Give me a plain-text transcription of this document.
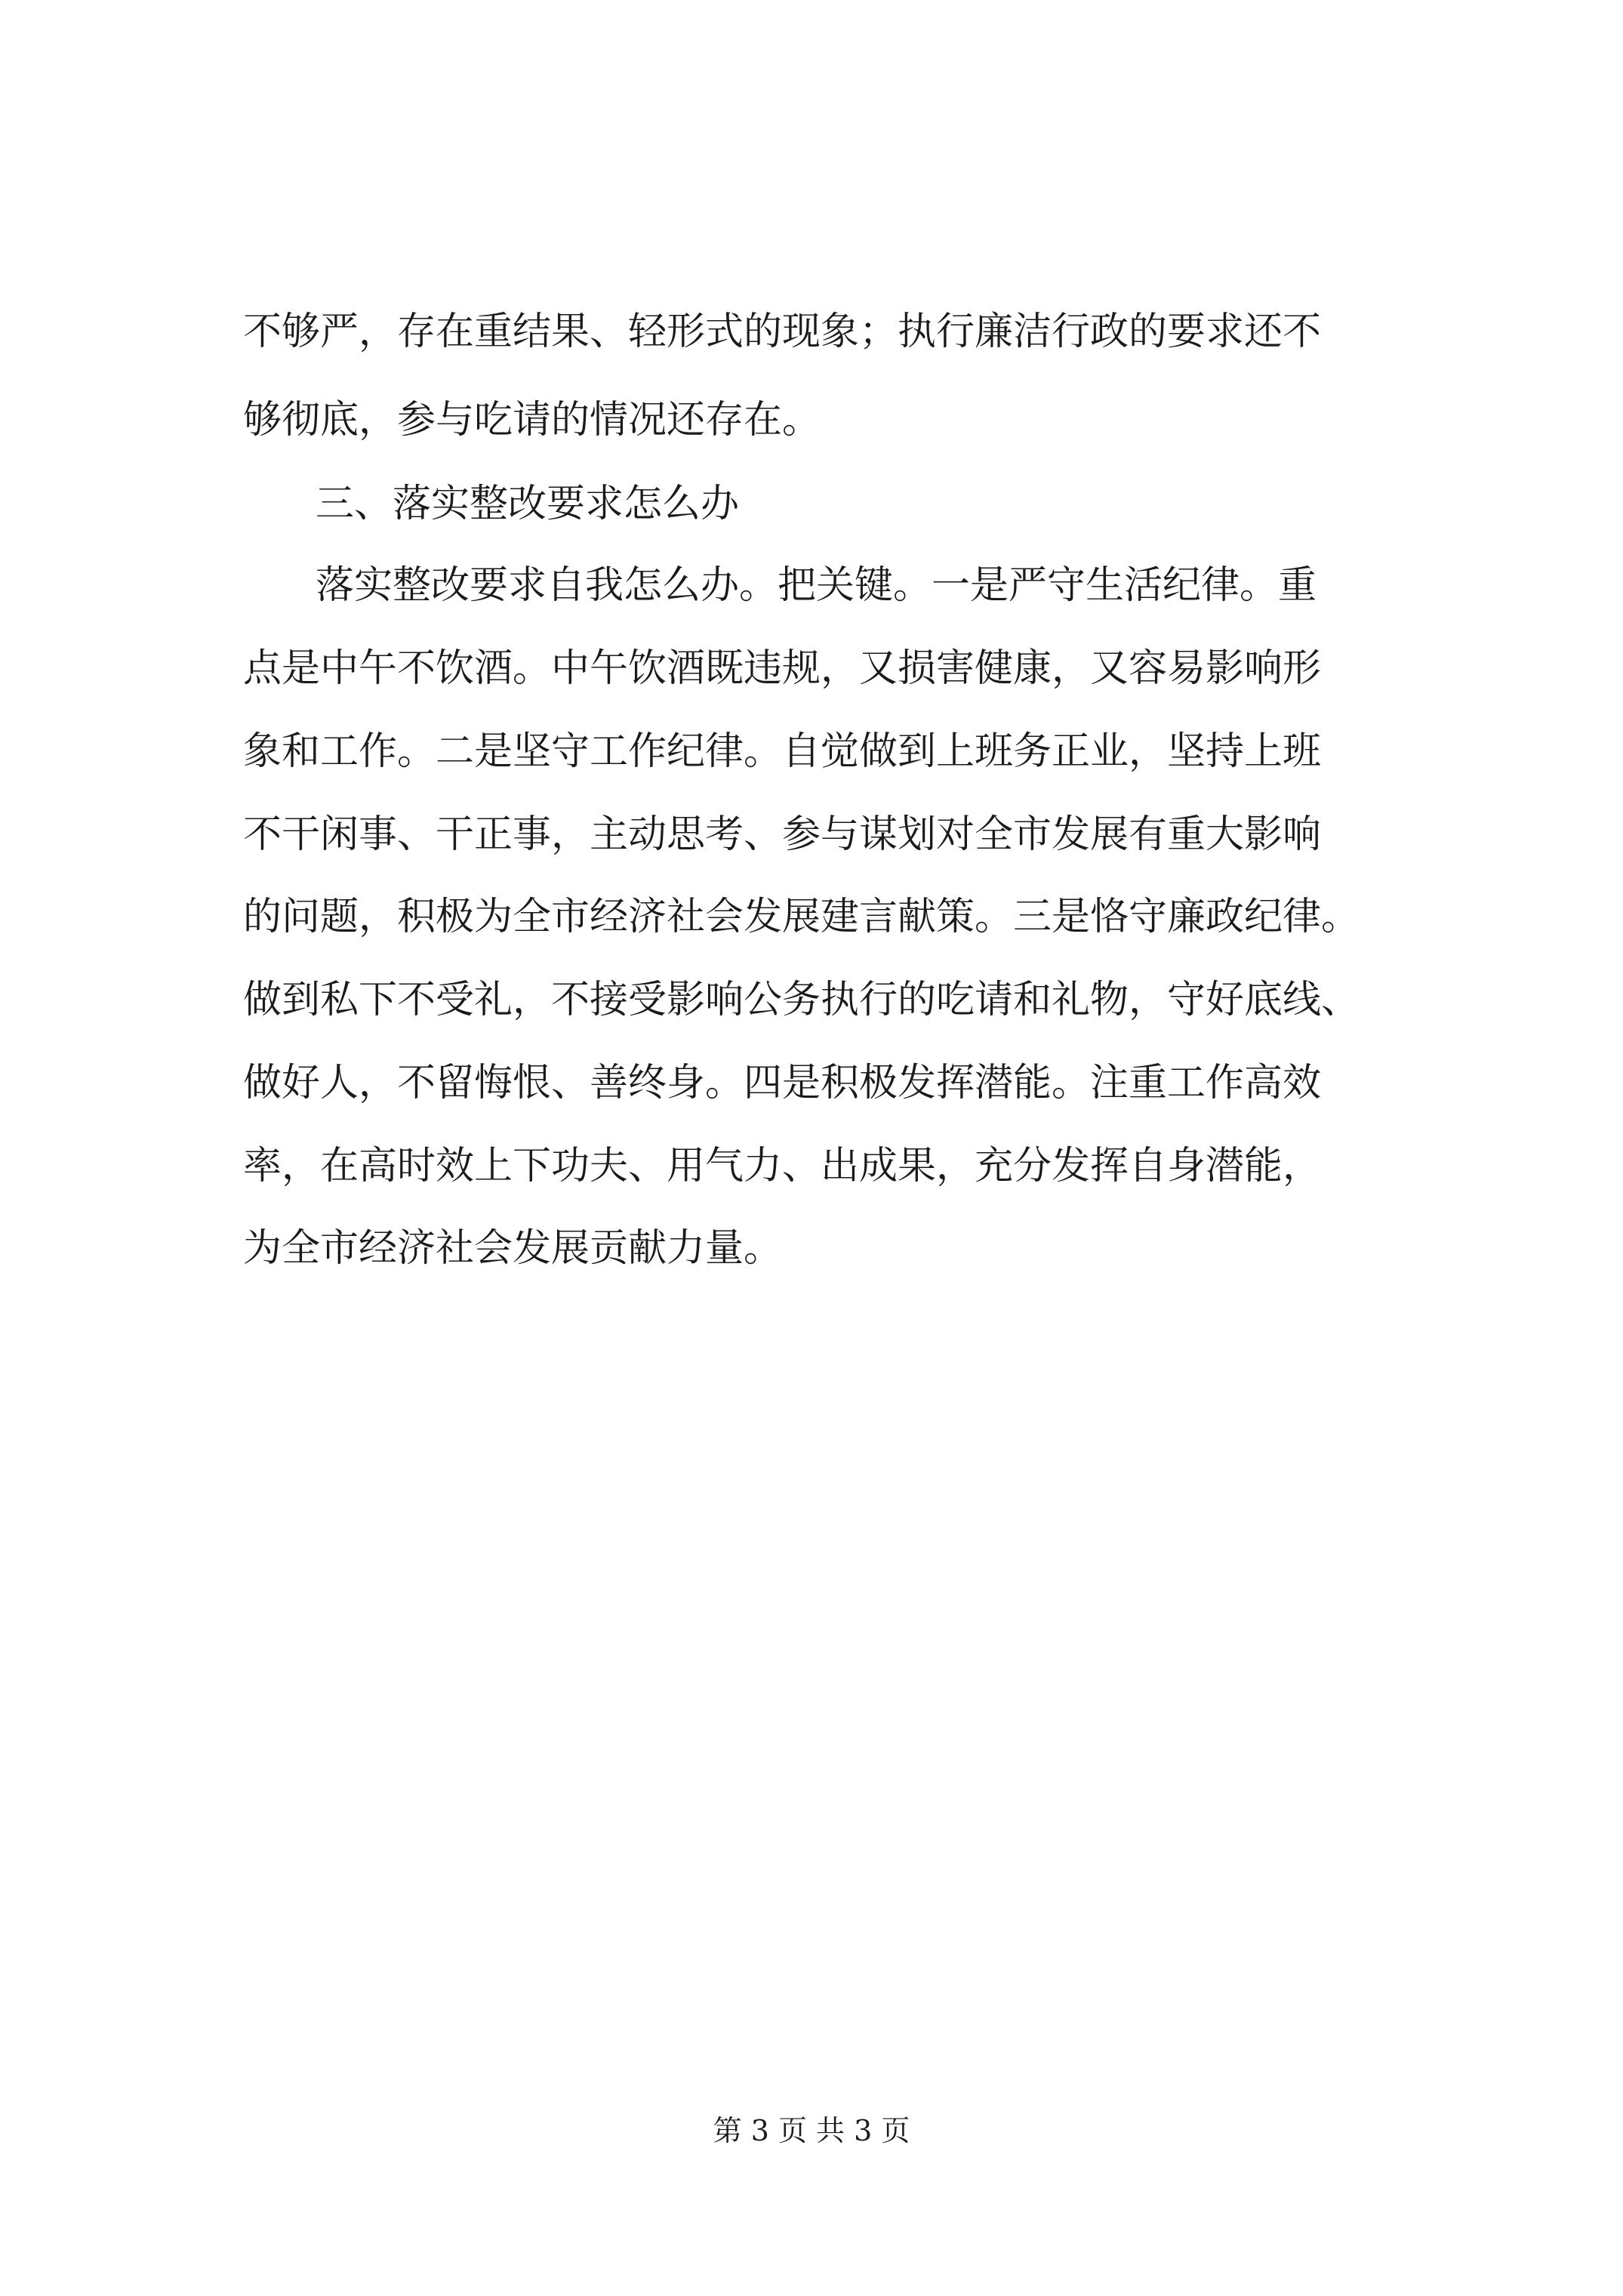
不够严，存在重结果、轻形式的现象；执行廉洁行政的要求还不
够彻底，参与吃请的情况还存在。
三、落实整改要求怎么办
落实整改要求自我怎么办。把关键。一是严守生活纪律。重
点是中午不饮酒。中午饮酒既违规，又损害健康，又容易影响形
象和工作。二是坚守工作纪律。自觉做到上班务正业，坚持上班
不干闲事、干正事，主动思考、参与谋划对全市发展有重大影响
的问题，积极为全市经济社会发展建言献策。三是恪守廉政纪律。
做到私下不受礼，不接受影响公务执行的吃请和礼物，守好底线、
做好人，不留悔恨、善终身。四是积极发挥潜能。注重工作高效
率，在高时效上下功夫、用气力、出成果，充分发挥自身潜能，
为全市经济社会发展贡献力量。
第 3 页 共 3 页
